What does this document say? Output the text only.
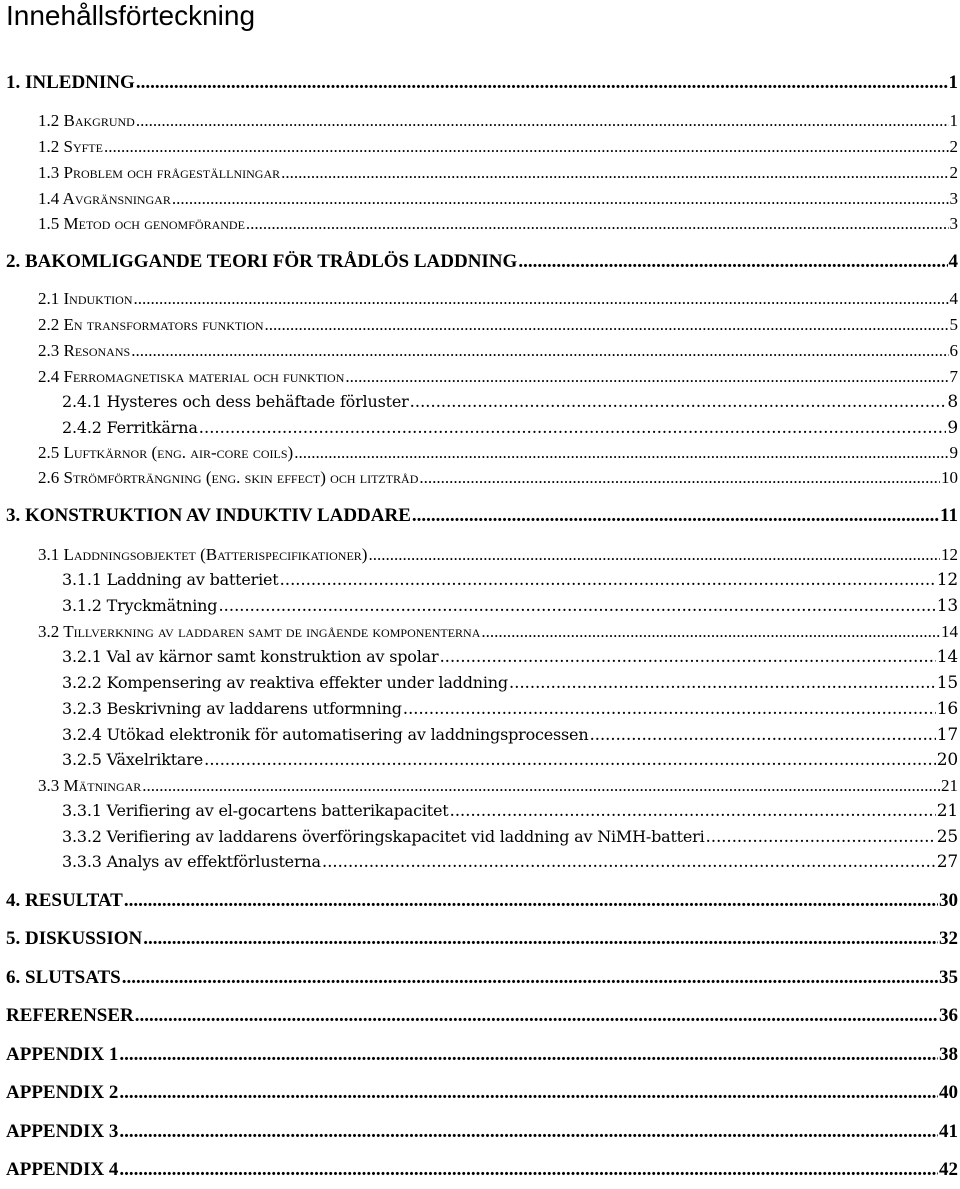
Innehållsförteckning
1. INLEDNING .....	1
1.2 Bakgrund .....	1
1.2 Syfte .....	2
1.3 Problem och frågeställningar .....	2
1.4 Avgränsningar .....	3
1.5 Metod och genomförande .....	3
2. BAKOMLIGGANDE TEORI FÖR TRÅDLÖS LADDNING .....	4
2.1 Induktion .....	4
2.2 En transformators funktion .....	5
2.3 Resonans .....	6
2.4 Ferromagnetiska material och funktion .....	7
2.4.1 Hysteres och dess behäftade förluster .....	8
2.4.2 Ferritkärna .....	9
2.5 Luftkärnor (eng. air-core coils) .....	9
2.6 Strömförträngning (eng. skin effect) och litztråd .....	10
3. KONSTRUKTION AV INDUKTIV LADDARE .....	11
3.1 Laddningsobjektet (Batterispecifikationer) .....	12
3.1.1 Laddning av batteriet .....	12
3.1.2 Tryckmätning .....	13
3.2 Tillverkning av laddaren samt de ingående komponenterna .....	14
3.2.1 Val av kärnor samt konstruktion av spolar .....	14
3.2.2 Kompensering av reaktiva effekter under laddning .....	15
3.2.3 Beskrivning av laddarens utformning .....	16
3.2.4 Utökad elektronik för automatisering av laddningsprocessen .....	17
3.2.5 Växelriktare .....	20
3.3 Mätningar .....	21
3.3.1 Verifiering av el-gocartens batterikapacitet .....	21
3.3.2 Verifiering av laddarens överföringskapacitet vid laddning av NiMH-batteri .....	25
3.3.3 Analys av effektförlusterna .....	27
4. RESULTAT .....	30
5. DISKUSSION .....	32
6. SLUTSATS .....	35
REFERENSER .....	36
APPENDIX 1 .....	38
APPENDIX 2 .....	40
APPENDIX 3 .....	41
APPENDIX 4 .....	42
